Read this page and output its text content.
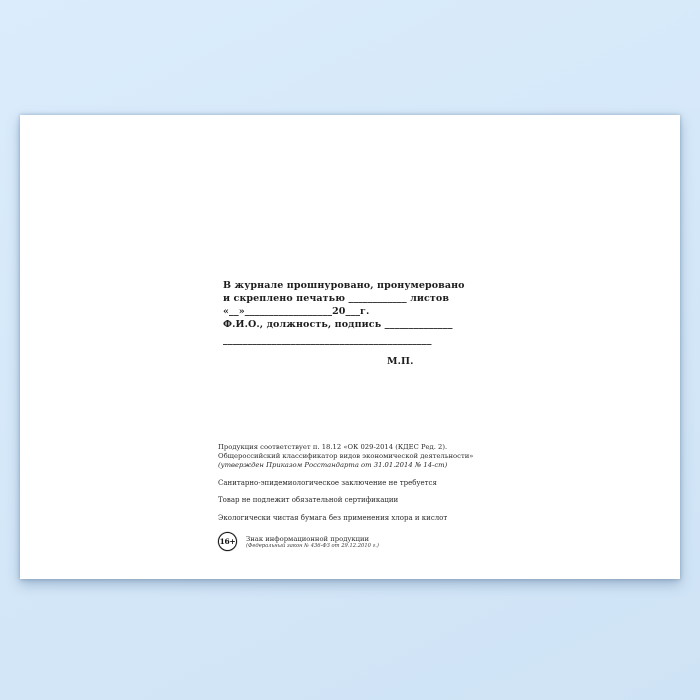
В журнале прошнуровано, пронумеровано
и скреплено печатью ____________ листов
«__»__________________20___г.
Ф.И.О., должность, подпись ______________
___________________________________________
М.П.
Продукция соответствует п. 18.12 «ОК 029-2014 (КДЕС Ред. 2).
Общероссийский классификатор видов экономической деятельности»
(утвержден Приказом Росстандарта от 31.01.2014 № 14-ст)
Санитарно-эпидемиологическое заключение не требуется
Товар не подлежит обязательной сертификации
Экологически чистая бумага без применения хлора и кислот
16+ Знак информационной продукции
(Федеральный закон № 436-ФЗ от 29.12.2010 г.)
